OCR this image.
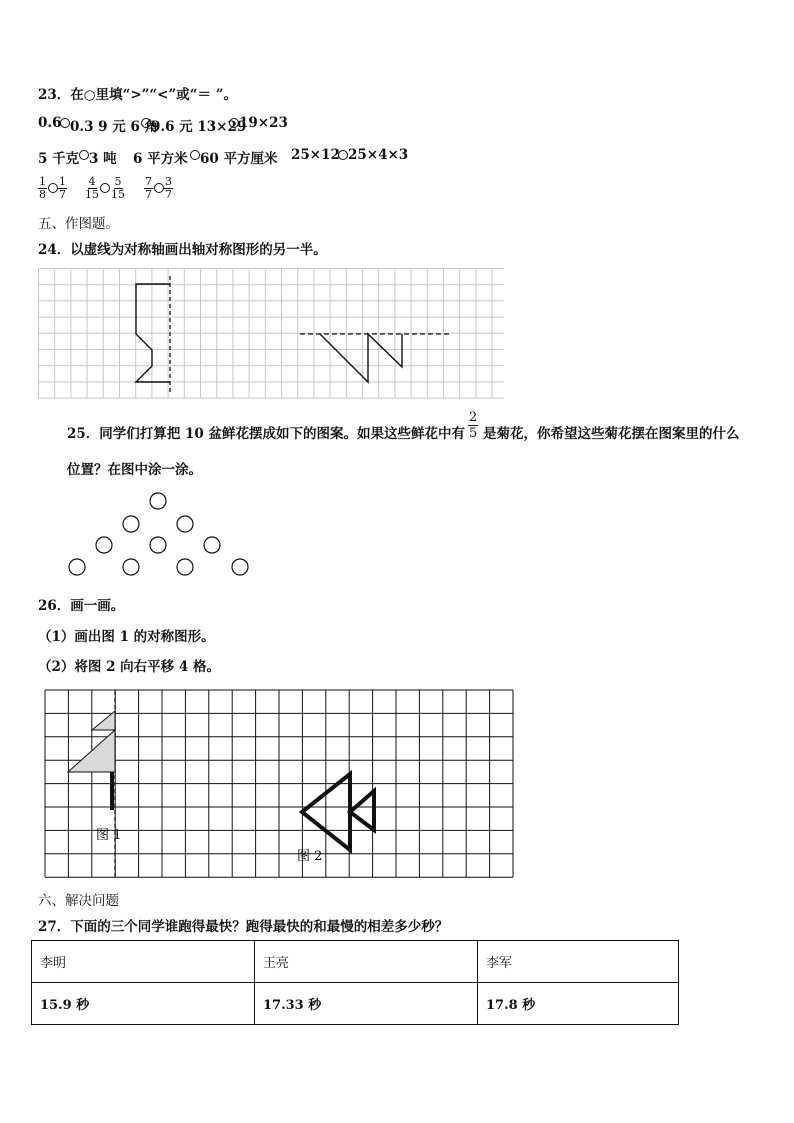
23．在○里填“>”“<”或“＝ ”。
0.6 0.3 9 元 6 角
9.6 元 13×29
19×23
5 千克 3 吨 6 平方米 60 平方厘米 25×12 25×4×3
$\frac{1}{8} \frac{1}{7} \frac{4}{15} \frac{5}{15} \frac{7}{7} \frac{3}{7}$
五、作图题。
24．以虚线为对称轴画出轴对称图形的另一半。
25．同学们打算把 10 盆鲜花摆成如下的图案。如果这些鲜花中有 $\frac{2}{5}$ 是菊花，你希望这些菊花摆在图案里的什么
位置？在图中涂一涂。
26．画一画。
（1）画出图 1 的对称图形。
（2）将图 2 向右平移 4 格。
图 1
图 2
六、解决问题
27．下面的三个同学谁跑得最快？跑得最快的和最慢的相差多少秒？
李明	王亮	李军
15.9 秒	17.33 秒	17.8 秒
